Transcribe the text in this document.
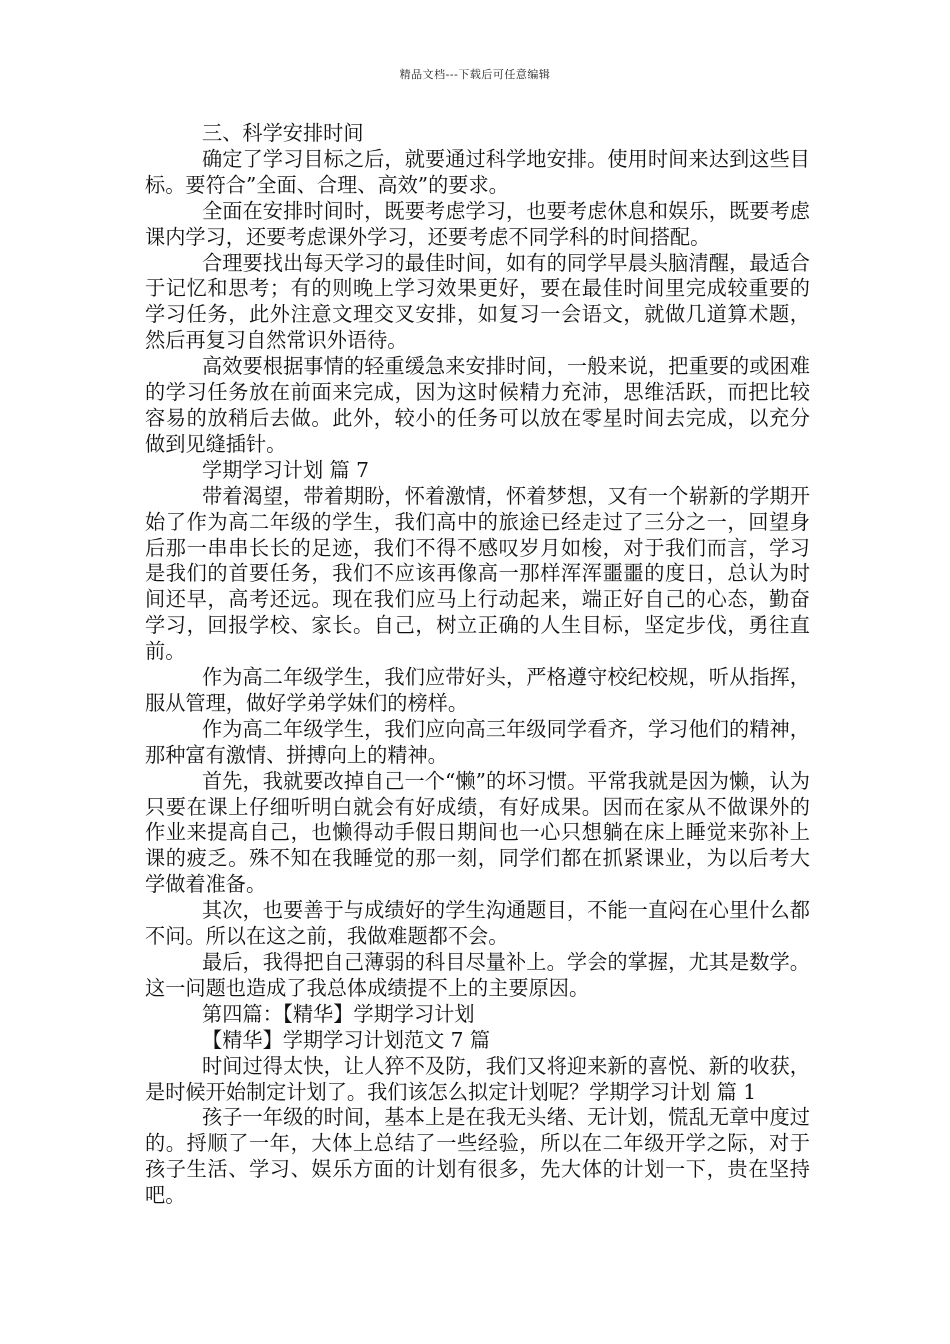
精品文档---下载后可任意编辑

三、科学安排时间

确定了学习目标之后，就要通过科学地安排。使用时间来达到这些目标。要符合”全面、合理、高效”的要求。

全面在安排时间时，既要考虑学习，也要考虑休息和娱乐，既要考虑课内学习，还要考虑课外学习，还要考虑不同学科的时间搭配。

合理要找出每天学习的最佳时间，如有的同学早晨头脑清醒，最适合于记忆和思考；有的则晚上学习效果更好，要在最佳时间里完成较重要的学习任务，此外注意文理交叉安排，如复习一会语文，就做几道算术题，然后再复习自然常识外语待。

高效要根据事情的轻重缓急来安排时间，一般来说，把重要的或困难的学习任务放在前面来完成，因为这时候精力充沛，思维活跃，而把比较容易的放稍后去做。此外，较小的任务可以放在零星时间去完成，以充分做到见缝插针。

学期学习计划 篇 7

带着渴望，带着期盼，怀着激情，怀着梦想，又有一个崭新的学期开始了作为高二年级的学生，我们高中的旅途已经走过了三分之一，回望身后那一串串长长的足迹，我们不得不感叹岁月如梭，对于我们而言，学习是我们的首要任务，我们不应该再像高一那样浑浑噩噩的度日，总认为时间还早，高考还远。现在我们应马上行动起来，端正好自己的心态，勤奋学习，回报学校、家长。自己，树立正确的人生目标，坚定步伐，勇往直前。

作为高二年级学生，我们应带好头，严格遵守校纪校规，听从指挥，服从管理，做好学弟学妹们的榜样。

作为高二年级学生，我们应向高三年级同学看齐，学习他们的精神，那种富有激情、拼搏向上的精神。

首先，我就要改掉自己一个“懒”的坏习惯。平常我就是因为懒，认为只要在课上仔细听明白就会有好成绩，有好成果。因而在家从不做课外的作业来提高自己，也懒得动手假日期间也一心只想躺在床上睡觉来弥补上课的疲乏。殊不知在我睡觉的那一刻，同学们都在抓紧课业，为以后考大学做着准备。

其次，也要善于与成绩好的学生沟通题目，不能一直闷在心里什么都不问。所以在这之前，我做难题都不会。

最后，我得把自己薄弱的科目尽量补上。学会的掌握，尤其是数学。这一问题也造成了我总体成绩提不上的主要原因。

第四篇：【精华】学期学习计划

【精华】学期学习计划范文 7 篇

时间过得太快，让人猝不及防，我们又将迎来新的喜悦、新的收获，是时候开始制定计划了。我们该怎么拟定计划呢？学期学习计划 篇 1

孩子一年级的时间，基本上是在我无头绪、无计划，慌乱无章中度过的。捋顺了一年，大体上总结了一些经验，所以在二年级开学之际，对于孩子生活、学习、娱乐方面的计划有很多，先大体的计划一下，贵在坚持吧。
